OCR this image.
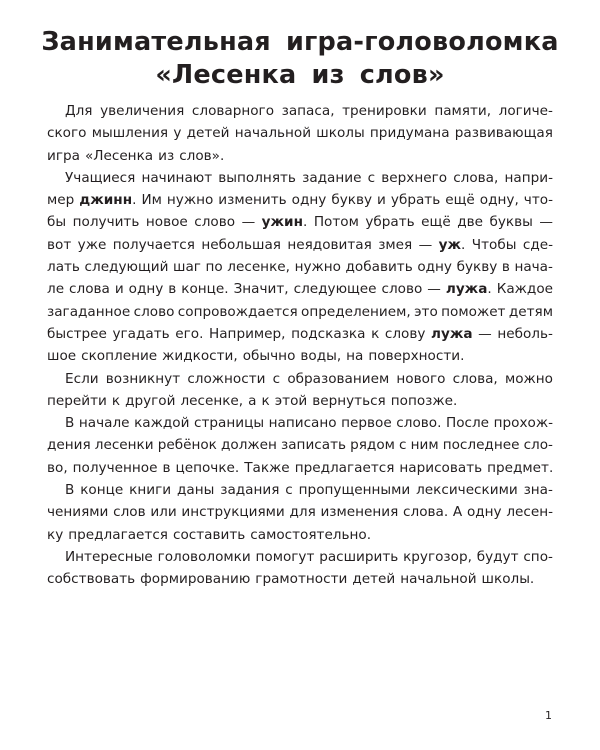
Занимательная игра-головоломка
«Лесенка из слов»
Для увеличения словарного запаса, тренировки памяти, логиче-
ского мышления у детей начальной школы придумана развивающая
игра «Лесенка из слов».
Учащиеся начинают выполнять задание с верхнего слова, напри-
мер джинн. Им нужно изменить одну букву и убрать ещё одну, что-
бы получить новое слово — ужин. Потом убрать ещё две буквы —
вот уже получается небольшая неядовитая змея — уж. Чтобы сде-
лать следующий шаг по лесенке, нужно добавить одну букву в нача-
ле слова и одну в конце. Значит, следующее слово — лужа. Каждое
загаданное слово сопровождается определением, это поможет детям
быстрее угадать его. Например, подсказка к слову лужа — неболь-
шое скопление жидкости, обычно воды, на поверхности.
Если возникнут сложности с образованием нового слова, можно
перейти к другой лесенке, а к этой вернуться попозже.
В начале каждой страницы написано первое слово. После прохож-
дения лесенки ребёнок должен записать рядом с ним последнее сло-
во, полученное в цепочке. Также предлагается нарисовать предмет.
В конце книги даны задания с пропущенными лексическими зна-
чениями слов или инструкциями для изменения слова. А одну лесен-
ку предлагается составить самостоятельно.
Интересные головоломки помогут расширить кругозор, будут спо-
собствовать формированию грамотности детей начальной школы.
1
